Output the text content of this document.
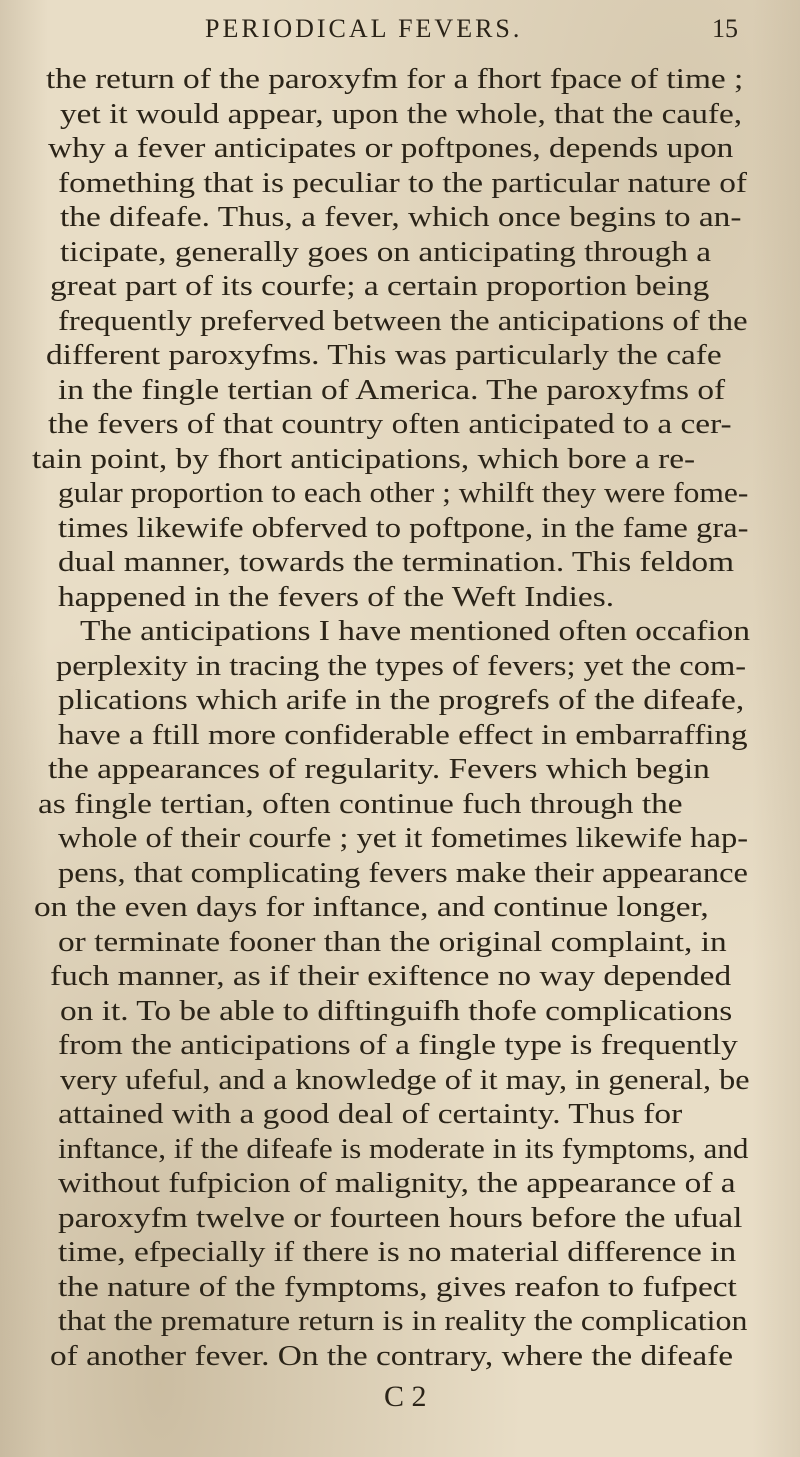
PERIODICAL FEVERS.	15
the return of the paroxyfm for a fhort fpace of time ;
yet it would appear, upon the whole, that the caufe,
why a fever anticipates or poftpones, depends upon
fomething that is peculiar to the particular nature of
the difeafe. Thus, a fever, which once begins to an-
ticipate, generally goes on anticipating through a
great part of its courfe; a certain proportion being
frequently preferved between the anticipations of the
different paroxyfms. This was particularly the cafe
in the fingle tertian of America. The paroxyfms of
the fevers of that country often anticipated to a cer-
tain point, by fhort anticipations, which bore a re-
gular proportion to each other ; whilft they were fome-
times likewife obferved to poftpone, in the fame gra-
dual manner, towards the termination. This feldom
happened in the fevers of the Weft Indies.
The anticipations I have mentioned often occafion
perplexity in tracing the types of fevers; yet the com-
plications which arife in the progrefs of the difeafe,
have a ftill more confiderable effect in embarraffing
the appearances of regularity. Fevers which begin
as fingle tertian, often continue fuch through the
whole of their courfe ; yet it fometimes likewife hap-
pens, that complicating fevers make their appearance
on the even days for inftance, and continue longer,
or terminate fooner than the original complaint, in
fuch manner, as if their exiftence no way depended
on it. To be able to diftinguifh thofe complications
from the anticipations of a fingle type is frequently
very ufeful, and a knowledge of it may, in general, be
attained with a good deal of certainty. Thus for
inftance, if the difeafe is moderate in its fymptoms, and
without fufpicion of malignity, the appearance of a
paroxyfm twelve or fourteen hours before the ufual
time, efpecially if there is no material difference in
the nature of the fymptoms, gives reafon to fufpect
that the premature return is in reality the complication
of another fever. On the contrary, where the difeafe
C 2
